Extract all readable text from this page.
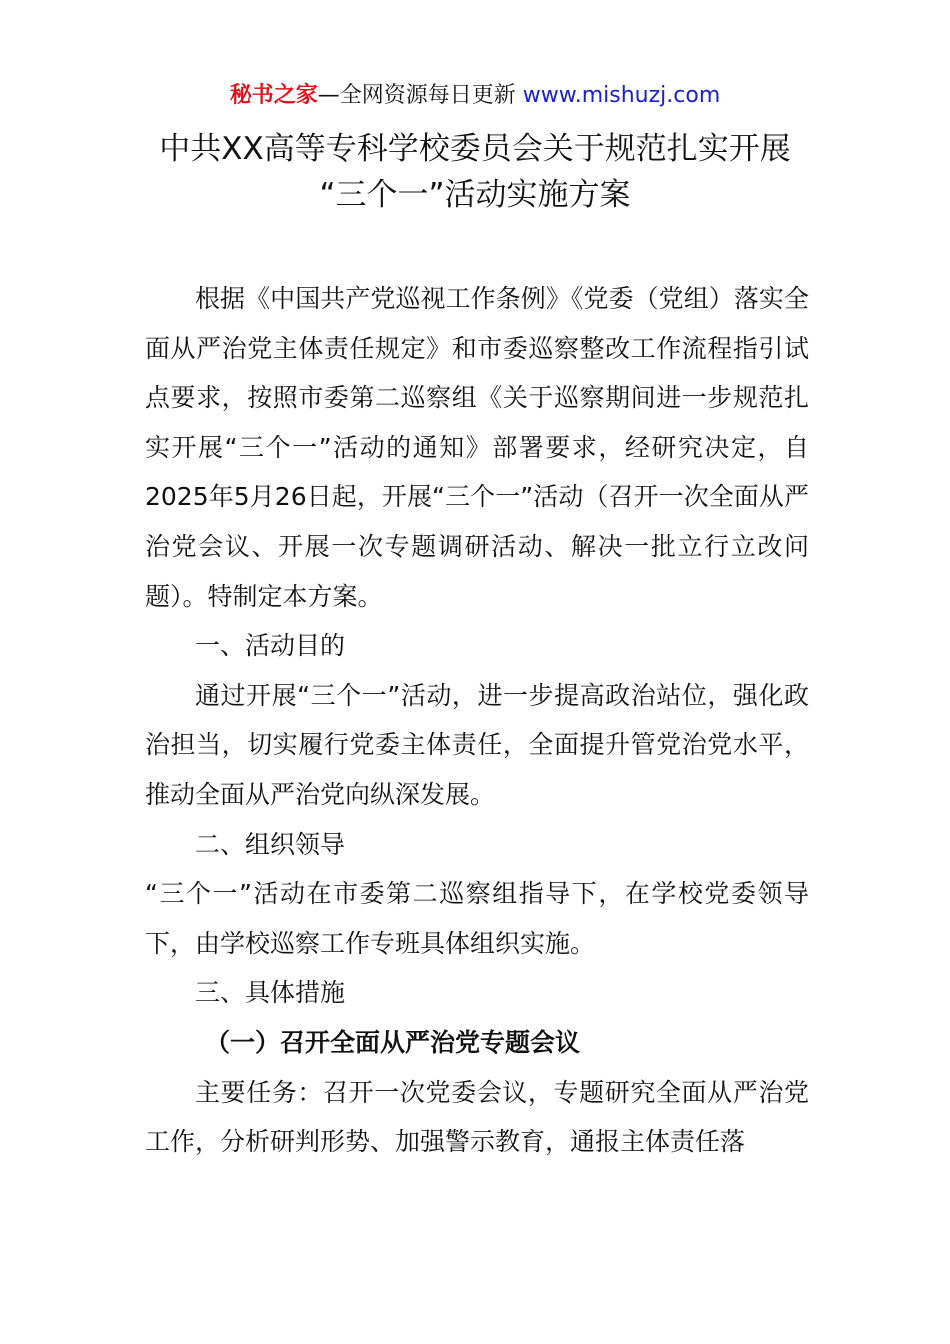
秘书之家—全网资源每日更新 www.mishuzj.com
中共XX高等专科学校委员会关于规范扎实开展
“三个一”活动实施方案

根据《中国共产党巡视工作条例》《党委（党组）落实全面从严治党主体责任规定》和市委巡察整改工作流程指引试点要求，按照市委第二巡察组《关于巡察期间进一步规范扎实开展“三个一”活动的通知》部署要求，经研究决定，自2025年5月26日起，开展“三个一”活动（召开一次全面从严治党会议、开展一次专题调研活动、解决一批立行立改问题）。特制定本方案。

一、活动目的

通过开展“三个一”活动，进一步提高政治站位，强化政治担当，切实履行党委主体责任，全面提升管党治党水平，推动全面从严治党向纵深发展。

二、组织领导

“三个一”活动在市委第二巡察组指导下，在学校党委领导下，由学校巡察工作专班具体组织实施。

三、具体措施

（一）召开全面从严治党专题会议

主要任务：召开一次党委会议，专题研究全面从严治党工作，分析研判形势、加强警示教育，通报主体责任落
